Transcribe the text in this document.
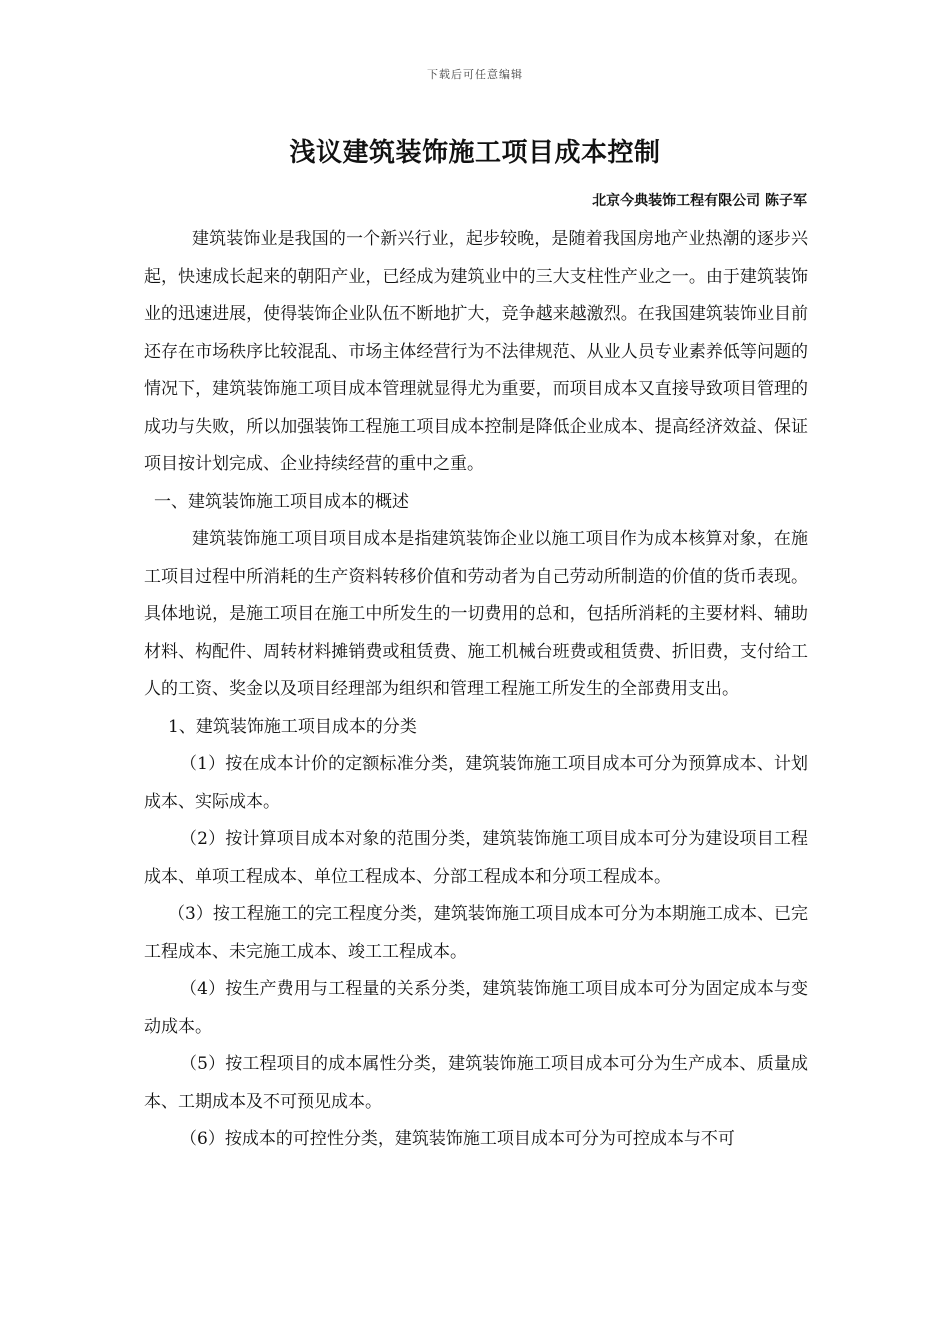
下载后可任意编辑
浅议建筑装饰施工项目成本控制
北京今典装饰工程有限公司 陈子军

建筑装饰业是我国的一个新兴行业，起步较晚，是随着我国房地产业热潮的逐步兴起，快速成长起来的朝阳产业，已经成为建筑业中的三大支柱性产业之一。由于建筑装饰业的迅速进展，使得装饰企业队伍不断地扩大，竞争越来越激烈。在我国建筑装饰业目前还存在市场秩序比较混乱、市场主体经营行为不法律规范、从业人员专业素养低等问题的情况下，建筑装饰施工项目成本管理就显得尤为重要，而项目成本又直接导致项目管理的成功与失败，所以加强装饰工程施工项目成本控制是降低企业成本、提高经济效益、保证项目按计划完成、企业持续经营的重中之重。

一、建筑装饰施工项目成本的概述

建筑装饰施工项目项目成本是指建筑装饰企业以施工项目作为成本核算对象，在施工项目过程中所消耗的生产资料转移价值和劳动者为自己劳动所制造的价值的货币表现。具体地说，是施工项目在施工中所发生的一切费用的总和，包括所消耗的主要材料、辅助材料、构配件、周转材料摊销费或租赁费、施工机械台班费或租赁费、折旧费，支付给工人的工资、奖金以及项目经理部为组织和管理工程施工所发生的全部费用支出。

1、建筑装饰施工项目成本的分类

（1）按在成本计价的定额标准分类，建筑装饰施工项目成本可分为预算成本、计划成本、实际成本。

（2）按计算项目成本对象的范围分类，建筑装饰施工项目成本可分为建设项目工程成本、单项工程成本、单位工程成本、分部工程成本和分项工程成本。

（3）按工程施工的完工程度分类，建筑装饰施工项目成本可分为本期施工成本、已完工程成本、未完施工成本、竣工工程成本。

（4）按生产费用与工程量的关系分类，建筑装饰施工项目成本可分为固定成本与变动成本。

（5）按工程项目的成本属性分类，建筑装饰施工项目成本可分为生产成本、质量成本、工期成本及不可预见成本。

（6）按成本的可控性分类，建筑装饰施工项目成本可分为可控成本与不可
